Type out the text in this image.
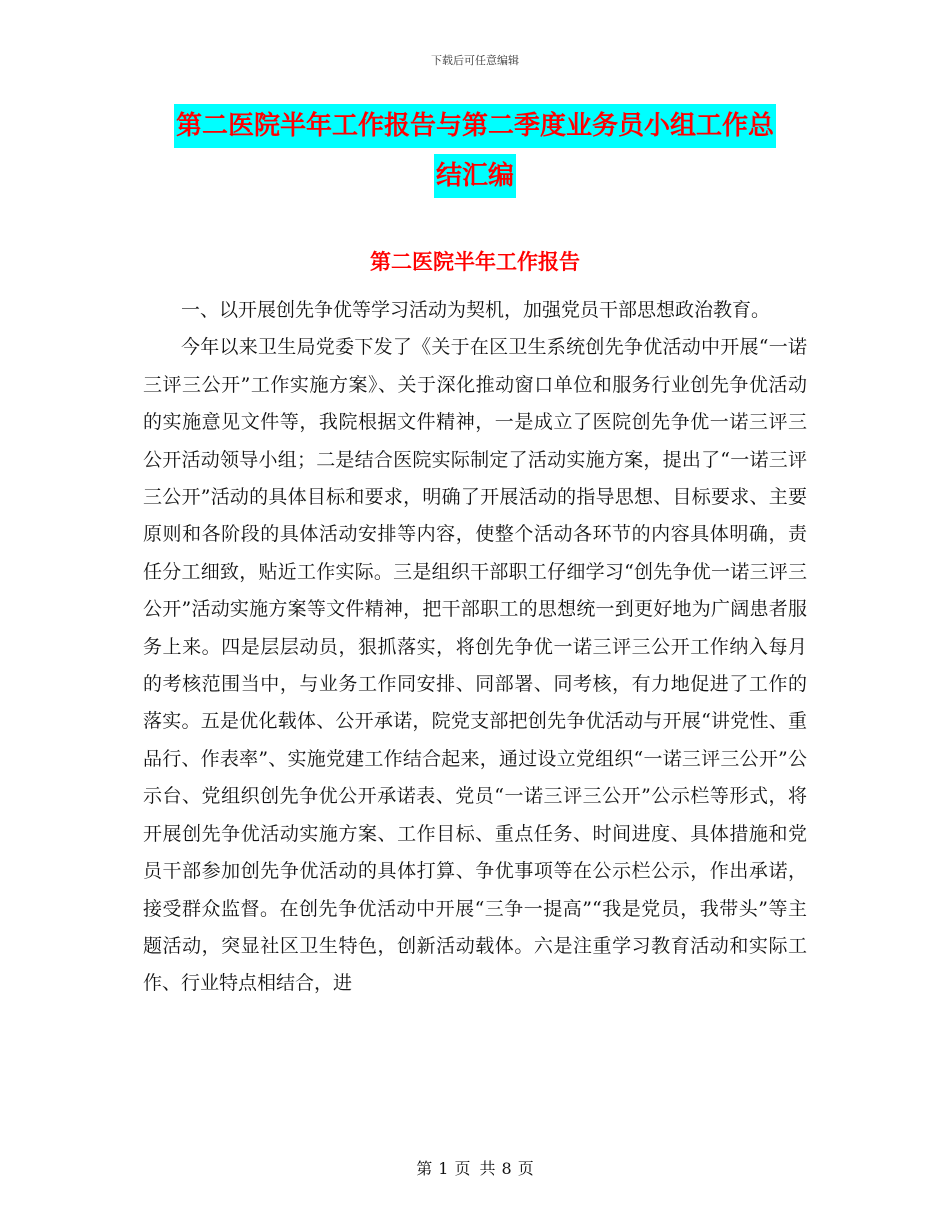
下载后可任意编辑
第二医院半年工作报告与第二季度业务员小组工作总
结汇编
第二医院半年工作报告

一、以开展创先争优等学习活动为契机，加强党员干部思想政治教育。

今年以来卫生局党委下发了《关于在区卫生系统创先争优活动中开展“一诺三评三公开”工作实施方案》、关于深化推动窗口单位和服务行业创先争优活动的实施意见文件等，我院根据文件精神，一是成立了医院创先争优一诺三评三公开活动领导小组；二是结合医院实际制定了活动实施方案，提出了“一诺三评三公开”活动的具体目标和要求，明确了开展活动的指导思想、目标要求、主要原则和各阶段的具体活动安排等内容，使整个活动各环节的内容具体明确，责任分工细致，贴近工作实际。三是组织干部职工仔细学习“创先争优一诺三评三公开”活动实施方案等文件精神，把干部职工的思想统一到更好地为广阔患者服务上来。四是层层动员，狠抓落实，将创先争优一诺三评三公开工作纳入每月的考核范围当中，与业务工作同安排、同部署、同考核，有力地促进了工作的落实。五是优化载体、公开承诺，院党支部把创先争优活动与开展“讲党性、重品行、作表率”、实施党建工作结合起来，通过设立党组织“一诺三评三公开”公示台、党组织创先争优公开承诺表、党员“一诺三评三公开”公示栏等形式，将开展创先争优活动实施方案、工作目标、重点任务、时间进度、具体措施和党员干部参加创先争优活动的具体打算、争优事项等在公示栏公示，作出承诺，接受群众监督。在创先争优活动中开展“三争一提高”“我是党员，我带头”等主题活动，突显社区卫生特色，创新活动载体。六是注重学习教育活动和实际工作、行业特点相结合，进

第 1 页 共 8 页
